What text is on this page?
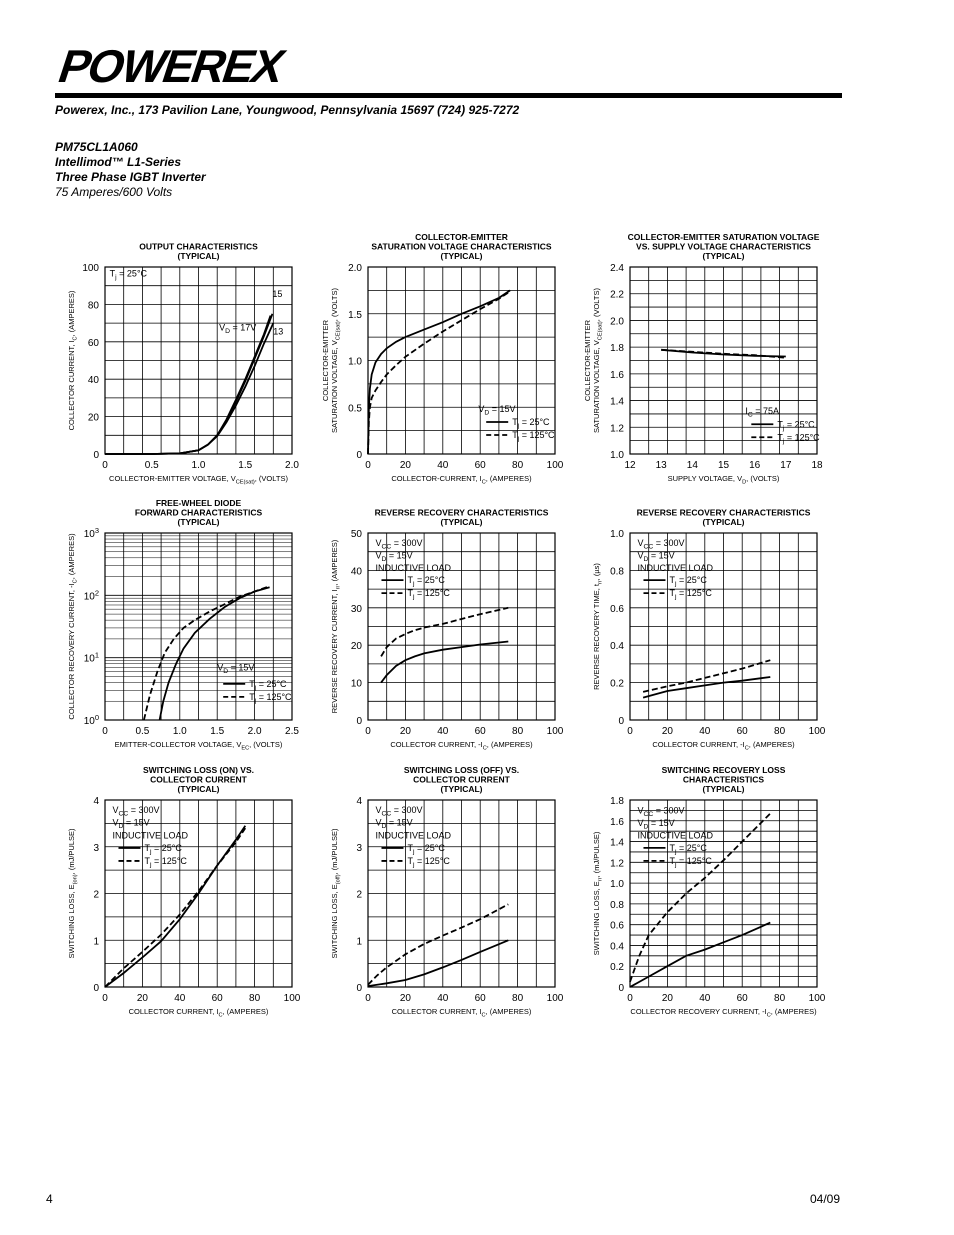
POWEREX
Powerex, Inc., 173 Pavilion Lane, Youngwood, Pennsylvania 15697 (724) 925-7272
PM75CL1A060
Intellimod™ L1-Series
Three Phase IGBT Inverter
75 Amperes/600 Volts
0	0.5	1.0	1.5	2.0
0
20
40
60
80
100
OUTPUT CHARACTERISTICS
(TYPICAL)
COLLECTOR-EMITTER VOLTAGE, $V_{CE(sat)}$, (VOLTS)
COLLECTOR CURRENT, $I_C$, (AMPERES)
$T_j = 25^\circ C$
15
$V_D = 17V$ 13
0	20	40	60	80 100
0
0.5
1.0
1.5
2.0
COLLECTOR-EMITTER
SATURATION VOLTAGE CHARACTERISTICS
(TYPICAL)
COLLECTOR-CURRENT, $I_C$, (AMPERES)
COLLECTOR-EMITTER SATURATION VOLTAGE, $V_{CE(sat)}$, (VOLTS)
$V_D = 15V$
$T_j = 25^\circ C$
$T_j = 125^\circ C$
12 13 14 15 16 17 18
1.0
1.2
1.4
1.6
1.8
2.0
2.2
2.4
COLLECTOR-EMITTER SATURATION VOLTAGE
VS. SUPPLY VOLTAGE CHARACTERISTICS
(TYPICAL)
SUPPLY VOLTAGE, $V_D$, (VOLTS)
COLLECTOR-EMITTER SATURATION VOLTAGE, $V_{CE(sat)}$, (VOLTS)
$I_C = 75A$
$T_j = 25^\circ C$
$T_j = 125^\circ C$
0	0.5 1.0 1.5 2.0 2.5
$10^0$
$10^1$
$10^2$
$10^3$
FREE-WHEEL DIODE
FORWARD CHARACTERISTICS
(TYPICAL)
EMITTER-COLLECTOR VOLTAGE, $V_{EC}$, (VOLTS)
COLLECTOR RECOVERY CURRENT, $-I_C$, (AMPERES)
$V_D = 15V$
$T_j = 25^\circ C$
$T_j = 125^\circ C$
0	20	40	60	80 100
0
10
20
30
40
50
REVERSE RECOVERY CHARACTERISTICS
(TYPICAL)
COLLECTOR CURRENT, $-I_C$, (AMPERES)
REVERSE RECOVERY CURRENT, $I_{rr}$, (AMPERES)	$V_{CC} = 300V$
$V_D = 15V$
INDUCTIVE LOAD
$T_j = 25^\circ C$
$T_j = 125^\circ C$
0	20	40	60	80 100
0
0.2
0.4
0.6
0.8
1.0
REVERSE RECOVERY CHARACTERISTICS
(TYPICAL)
COLLECTOR CURRENT, $-I_C$, (AMPERES)
REVERSE RECOVERY TIME, $t_{rr}$, (µs)
$V_{CC} = 300V$
$V_D = 15V$
INDUCTIVE LOAD
$T_j = 25^\circ C$
$T_j = 125^\circ C$
0	20	40	60	80 100
0
1
2
3
4
SWITCHING LOSS (ON) VS.
COLLECTOR CURRENT
(TYPICAL)
COLLECTOR CURRENT, $I_C$, (AMPERES)
SWITCHING LOSS, $E_{(on)}$, (mJ/PULSE)
$V_{CC} = 300V$
$V_D = 15V$
INDUCTIVE LOAD
$T_j = 25^\circ C$
$T_j = 125^\circ C$
0	20	40	60	80 100
0
1
2
3
4
SWITCHING LOSS (OFF) VS.
COLLECTOR CURRENT
(TYPICAL)
COLLECTOR CURRENT, $I_C$, (AMPERES)
SWITCHING LOSS, $E_{(off)}$, (mJ/PULSE)
$V_{CC} = 300V$
$V_D = 15V$
INDUCTIVE LOAD
$T_j = 25^\circ C$
$T_j = 125^\circ C$
0	20	40	60	80 100
0
0.2
0.4
0.6
0.8
1.0
1.2
1.4
1.6
1.8
SWITCHING RECOVERY LOSS
CHARACTERISTICS
(TYPICAL)
COLLECTOR RECOVERY CURRENT, $-I_C$, (AMPERES)
SWITCHING LOSS, $E_{rr}$, (mJ/PULSE)
$V_{CC} = 300V$
$V_D = 15V$
INDUCTIVE LOAD
$T_j = 25^\circ C$
$T_j = 125^\circ C$
4	04/09
